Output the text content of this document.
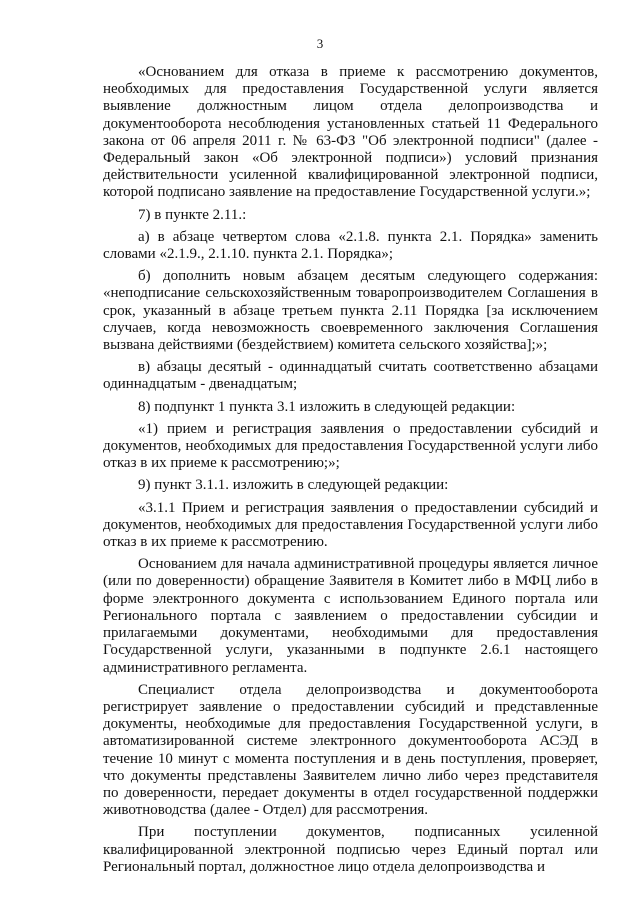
3

«Основанием для отказа в приеме к рассмотрению документов, необходимых для предоставления Государственной услуги является выявление должностным лицом отдела делопроизводства и документооборота несоблюдения установленных статьей 11 Федерального закона от 06 апреля 2011 г. № 63-ФЗ "Об электронной подписи" (далее - Федеральный закон «Об электронной подписи») условий признания действительности усиленной квалифицированной электронной подписи, которой подписано заявление на предоставление Государственной услуги.»;

7) в пункте 2.11.:

а) в абзаце четвертом слова «2.1.8. пункта 2.1. Порядка» заменить словами «2.1.9., 2.1.10. пункта 2.1. Порядка»;

б) дополнить новым абзацем десятым следующего содержания: «неподписание сельскохозяйственным товаропроизводителем Соглашения в срок, указанный в абзаце третьем пункта 2.11 Порядка [за исключением случаев, когда невозможность своевременного заключения Соглашения вызвана действиями (бездействием) комитета сельского хозяйства];»;

в) абзацы десятый - одиннадцатый считать соответственно абзацами одиннадцатым - двенадцатым;

8) подпункт 1 пункта 3.1 изложить в следующей редакции:

«1) прием и регистрация заявления о предоставлении субсидий и документов, необходимых для предоставления Государственной услуги либо отказ в их приеме к рассмотрению;»;

9) пункт 3.1.1. изложить в следующей редакции:

«3.1.1 Прием и регистрация заявления о предоставлении субсидий и документов, необходимых для предоставления Государственной услуги либо отказ в их приеме к рассмотрению.

Основанием для начала административной процедуры является личное (или по доверенности) обращение Заявителя в Комитет либо в МФЦ либо в форме электронного документа с использованием Единого портала или Регионального портала с заявлением о предоставлении субсидии и прилагаемыми документами, необходимыми для предоставления Государственной услуги, указанными в подпункте 2.6.1 настоящего административного регламента.

Специалист отдела делопроизводства и документооборота регистрирует заявление о предоставлении субсидий и представленные документы, необходимые для предоставления Государственной услуги, в автоматизированной системе электронного документооборота АСЭД в течение 10 минут с момента поступления и в день поступления, проверяет, что документы представлены Заявителем лично либо через представителя по доверенности, передает документы в отдел государственной поддержки животноводства (далее - Отдел) для рассмотрения.

При поступлении документов, подписанных усиленной квалифицированной электронной подписью через Единый портал или Региональный портал, должностное лицо отдела делопроизводства и
